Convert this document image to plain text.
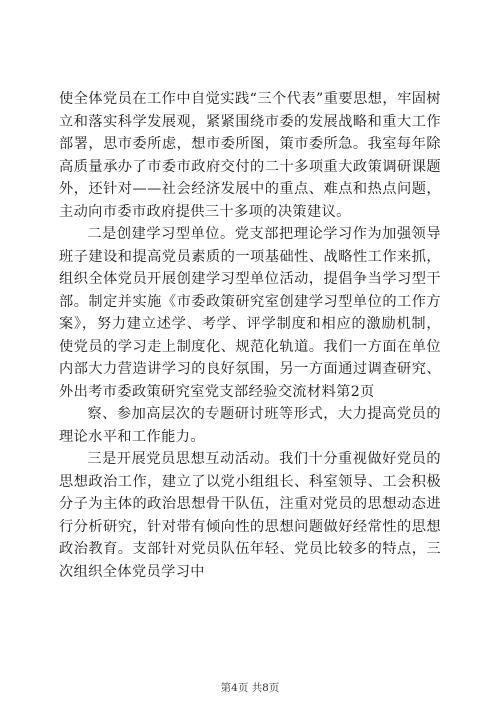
使全体党员在工作中自觉实践“三个代表”重要思想，牢固树立和落实科学发展观，紧紧围绕市委的发展战略和重大工作部署，思市委所虑，想市委所图，策市委所急。我室每年除高质量承办了市委市政府交付的二十多项重大政策调研课题外，还针对——社会经济发展中的重点、难点和热点问题，主动向市委市政府提供三十多项的决策建议。

二是创建学习型单位。党支部把理论学习作为加强领导班子建设和提高党员素质的一项基础性、战略性工作来抓，组织全体党员开展创建学习型单位活动，提倡争当学习型干部。制定并实施《市委政策研究室创建学习型单位的工作方案》，努力建立述学、考学、评学制度和相应的激励机制，使党员的学习走上制度化、规范化轨道。我们一方面在单位内部大力营造讲学习的良好氛围，另一方面通过调查研究、外出考市委政策研究室党支部经验交流材料第2页

察、参加高层次的专题研讨班等形式，大力提高党员的理论水平和工作能力。

三是开展党员思想互动活动。我们十分重视做好党员的思想政治工作，建立了以党小组组长、科室领导、工会积极分子为主体的政治思想骨干队伍，注重对党员的思想动态进行分析研究，针对带有倾向性的思想问题做好经常性的思想政治教育。支部针对党员队伍年轻、党员比较多的特点，三次组织全体党员学习中

第4页 共8页
